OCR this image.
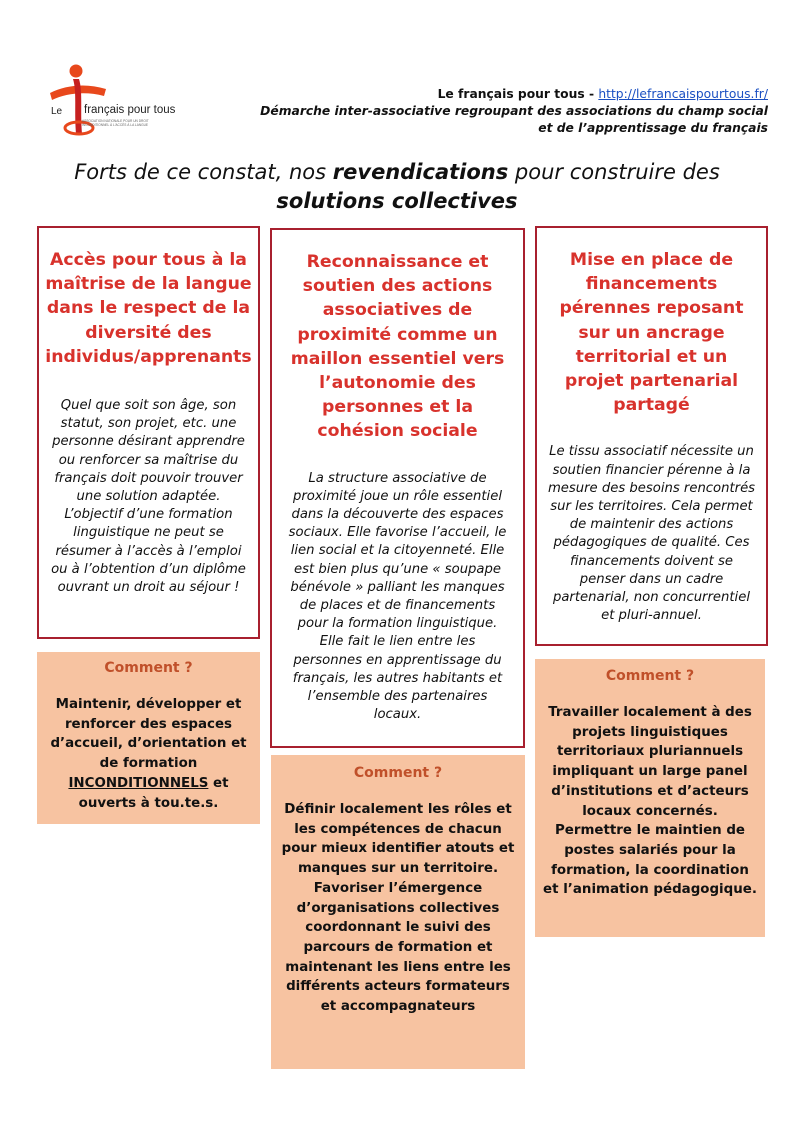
Le français pour tous
ASSOCIATION NATIONALE POUR UN DROIT INCONDITIONNEL À L'ACCÈS À LA LANGUE
Le français pour tous - http://lefrancaispourtous.fr/
Démarche inter-associative regroupant des associations du champ social
et de l’apprentissage du français
Forts de ce constat, nos revendications pour construire des
solutions collectives
Accès pour tous à la maîtrise de la langue dans le respect de la diversité des individus/apprenants

Quel que soit son âge, son statut, son projet, etc. une personne désirant apprendre ou renforcer sa maîtrise du français doit pouvoir trouver une solution adaptée. L’objectif d’une formation linguistique ne peut se résumer à l’accès à l’emploi ou à l’obtention d’un diplôme ouvrant un droit au séjour !

Comment ?
Maintenir, développer et renforcer des espaces d’accueil, d’orientation et de formation INCONDITIONNELS et ouverts à tou.te.s.
Reconnaissance et soutien des actions associatives de proximité comme un maillon essentiel vers l’autonomie des personnes et la cohésion sociale

La structure associative de proximité joue un rôle essentiel dans la découverte des espaces sociaux. Elle favorise l’accueil, le lien social et la citoyenneté. Elle est bien plus qu’une « soupape bénévole » palliant les manques de places et de financements pour la formation linguistique. Elle fait le lien entre les personnes en apprentissage du français, les autres habitants et l’ensemble des partenaires locaux.

Comment ?
Définir localement les rôles et les compétences de chacun pour mieux identifier atouts et manques sur un territoire. Favoriser l’émergence d’organisations collectives coordonnant le suivi des parcours de formation et maintenant les liens entre les différents acteurs formateurs et accompagnateurs
Mise en place de financements pérennes reposant sur un ancrage territorial et un projet partenarial partagé

Le tissu associatif nécessite un soutien financier pérenne à la mesure des besoins rencontrés sur les territoires. Cela permet de maintenir des actions pédagogiques de qualité. Ces financements doivent se penser dans un cadre partenarial, non concurrentiel et pluri-annuel.

Comment ?
Travailler localement à des projets linguistiques territoriaux pluriannuels impliquant un large panel d’institutions et d’acteurs locaux concernés. Permettre le maintien de postes salariés pour la formation, la coordination et l’animation pédagogique.
